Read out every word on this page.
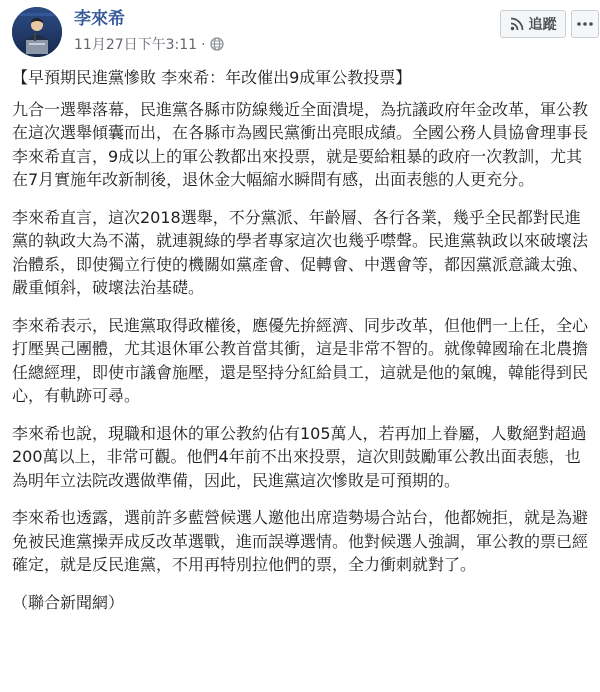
李來希
11月27日下午3:11 ·
追蹤

【早預期民進黨慘敗 李來希：年改催出9成軍公教投票】

九合一選舉落幕，民進黨各縣市防線幾近全面潰堤，為抗議政府年金改革，軍公教在這次選舉傾囊而出，在各縣市為國民黨衝出亮眼成績。全國公務人員協會理事長李來希直言，9成以上的軍公教都出來投票，就是要給粗暴的政府一次教訓，尤其在7月實施年改新制後，退休金大幅縮水瞬間有感，出面表態的人更充分。

李來希直言，這次2018選舉，不分黨派、年齡層、各行各業，幾乎全民都對民進黨的執政大為不滿，就連親綠的學者專家這次也幾乎噤聲。民進黨執政以來破壞法治體系，即使獨立行使的機關如黨產會、促轉會、中選會等，都因黨派意識太強、嚴重傾斜，破壞法治基礎。

李來希表示，民進黨取得政權後，應優先拚經濟、同步改革，但他們一上任，全心打壓異己團體，尤其退休軍公教首當其衝，這是非常不智的。就像韓國瑜在北農擔任總經理，即使市議會施壓，還是堅持分紅給員工，這就是他的氣魄，韓能得到民心，有軌跡可尋。

李來希也說，現職和退休的軍公教約佔有105萬人，若再加上眷屬，人數絕對超過200萬以上，非常可觀。他們4年前不出來投票，這次則鼓勵軍公教出面表態，也為明年立法院改選做準備，因此，民進黨這次慘敗是可預期的。

李來希也透露，選前許多藍營候選人邀他出席造勢場合站台，他都婉拒，就是為避免被民進黨操弄成反改革選戰，進而誤導選情。他對候選人強調，軍公教的票已經確定，就是反民進黨，不用再特別拉他們的票，全力衝刺就對了。

（聯合新聞網）
